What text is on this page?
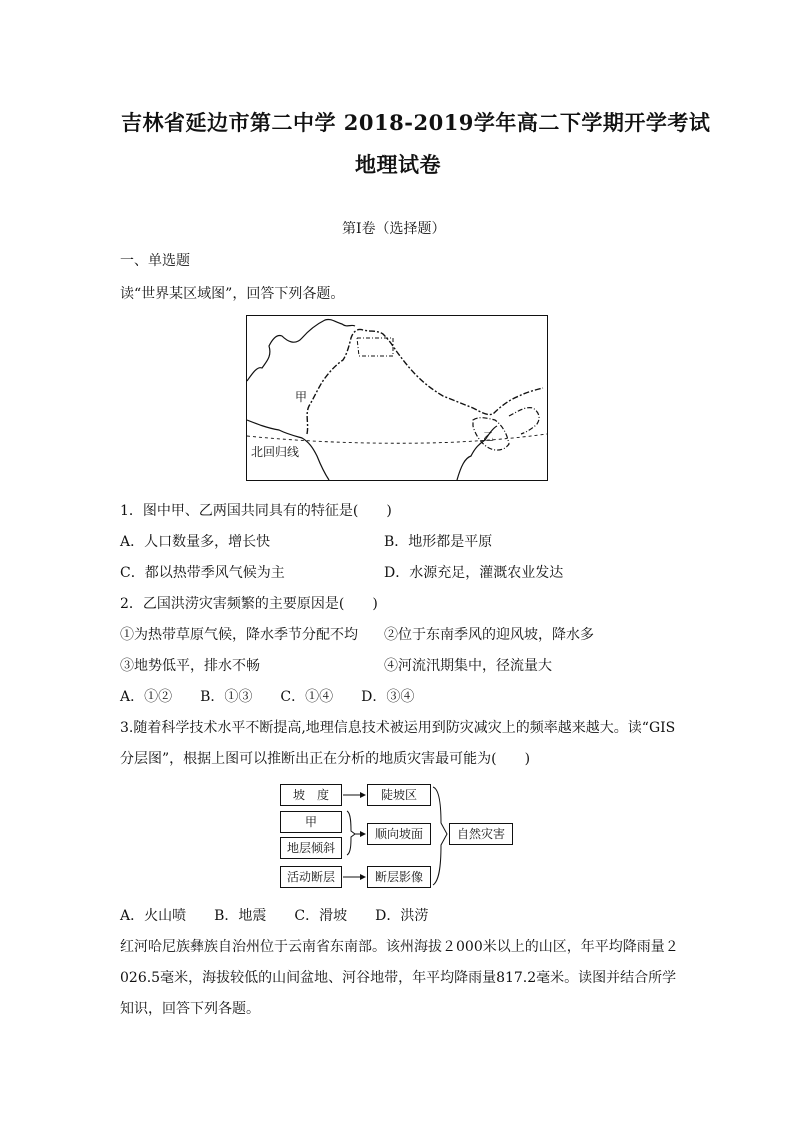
吉林省延边市第二中学 2018-2019学年高二下学期开学考试
地理试卷
第Ⅰ卷（选择题）
一、单选题
读“世界某区域图”，回答下列各题。
甲
乙
北回归线
1．图中甲、乙两国共同具有的特征是(　　)
A．人口数量多，增长快	B．地形都是平原
C．都以热带季风气候为主	D．水源充足，灌溉农业发达
2．乙国洪涝灾害频繁的主要原因是(　　)
①为热带草原气候，降水季节分配不均 ②位于东南季风的迎风坡，降水多
③地势低平，排水不畅	④河流汛期集中，径流量大
A．①②　　B．①③　　C．①④　　D．③④
3.随着科学技术水平不断提高,地理信息技术被运用到防灾减灾上的频率越来越大。读“GIS
分层图”，根据上图可以推断出正在分析的地质灾害最可能为(　　)
坡　度
甲
地层倾斜
活动断层
陡坡区
顺向坡面
断层影像
自然灾害
A．火山喷　　B．地震　　C．滑坡　　D．洪涝
红河哈尼族彝族自治州位于云南省东南部。该州海拔２000米以上的山区，年平均降雨量２
026.5毫米，海拔较低的山间盆地、河谷地带，年平均降雨量817.2毫米。读图并结合所学
知识，回答下列各题。
